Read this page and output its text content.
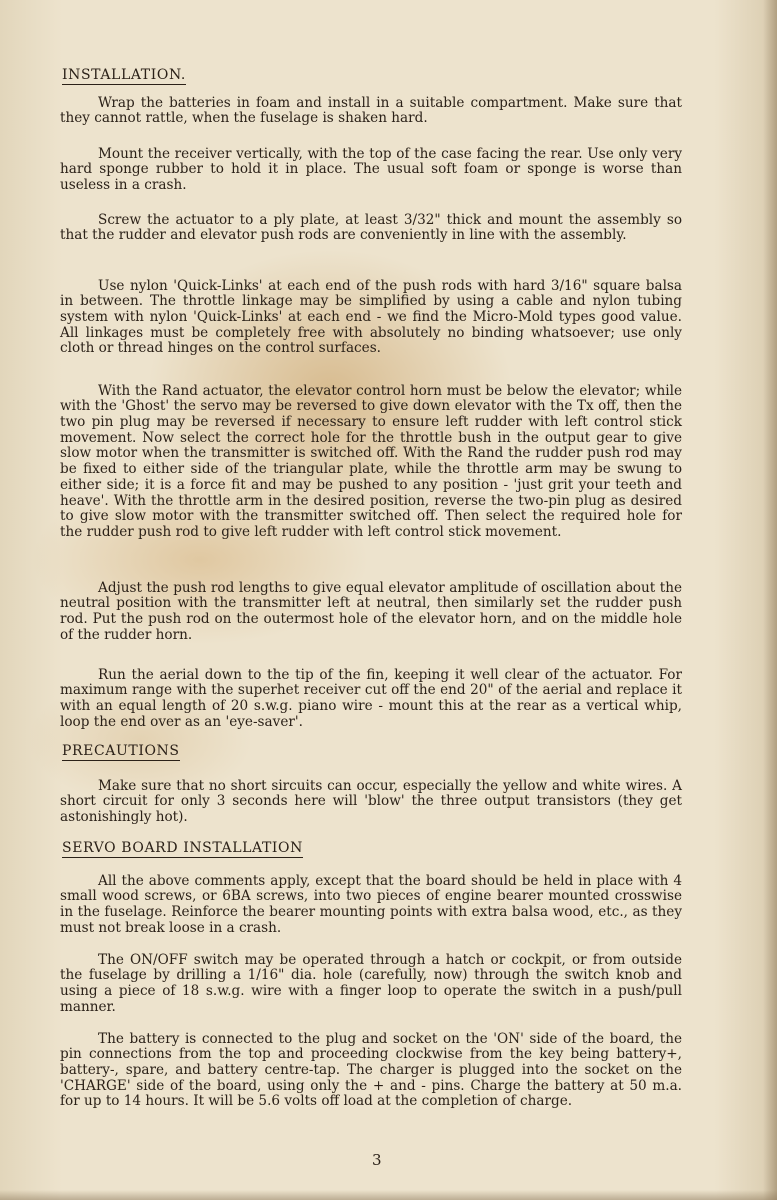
INSTALLATION.

Wrap the batteries in foam and install in a suitable compartment. Make sure that they cannot rattle, when the fuselage is shaken hard.

Mount the receiver vertically, with the top of the case facing the rear. Use only very hard sponge rubber to hold it in place. The usual soft foam or sponge is worse than useless in a crash.

Screw the actuator to a ply plate, at least 3/32" thick and mount the assembly so that the rudder and elevator push rods are conveniently in line with the assembly.

Use nylon 'Quick-Links' at each end of the push rods with hard 3/16" square balsa in between. The throttle linkage may be simplified by using a cable and nylon tubing system with nylon 'Quick-Links' at each end - we find the Micro-Mold types good value. All linkages must be completely free with absolutely no binding whatsoever; use only cloth or thread hinges on the control surfaces.

With the Rand actuator, the elevator control horn must be below the elevator; while with the 'Ghost' the servo may be reversed to give down elevator with the Tx off, then the two pin plug may be reversed if necessary to ensure left rudder with left control stick movement. Now select the correct hole for the throttle bush in the output gear to give slow motor when the transmitter is switched off. With the Rand the rudder push rod may be fixed to either side of the triangular plate, while the throttle arm may be swung to either side; it is a force fit and may be pushed to any position - 'just grit your teeth and heave'. With the throttle arm in the desired position, reverse the two-pin plug as desired to give slow motor with the transmitter switched off. Then select the required hole for the rudder push rod to give left rudder with left control stick movement.

Adjust the push rod lengths to give equal elevator amplitude of oscillation about the neutral position with the transmitter left at neutral, then similarly set the rudder push rod. Put the push rod on the outermost hole of the elevator horn, and on the middle hole of the rudder horn.

Run the aerial down to the tip of the fin, keeping it well clear of the actuator. For maximum range with the superhet receiver cut off the end 20" of the aerial and replace it with an equal length of 20 s.w.g. piano wire - mount this at the rear as a vertical whip, loop the end over as an 'eye-saver'.

PRECAUTIONS

Make sure that no short sircuits can occur, especially the yellow and white wires. A short circuit for only 3 seconds here will 'blow' the three output transistors (they get astonishingly hot).

SERVO BOARD INSTALLATION

All the above comments apply, except that the board should be held in place with 4 small wood screws, or 6BA screws, into two pieces of engine bearer mounted crosswise in the fuselage. Reinforce the bearer mounting points with extra balsa wood, etc., as they must not break loose in a crash.

The ON/OFF switch may be operated through a hatch or cockpit, or from outside the fuselage by drilling a 1/16" dia. hole (carefully, now) through the switch knob and using a piece of 18 s.w.g. wire with a finger loop to operate the switch in a push/pull manner.

The battery is connected to the plug and socket on the 'ON' side of the board, the pin connections from the top and proceeding clockwise from the key being battery+, battery-, spare, and battery centre-tap. The charger is plugged into the socket on the 'CHARGE' side of the board, using only the + and - pins. Charge the battery at 50 m.a. for up to 14 hours. It will be 5.6 volts off load at the completion of charge.

3
